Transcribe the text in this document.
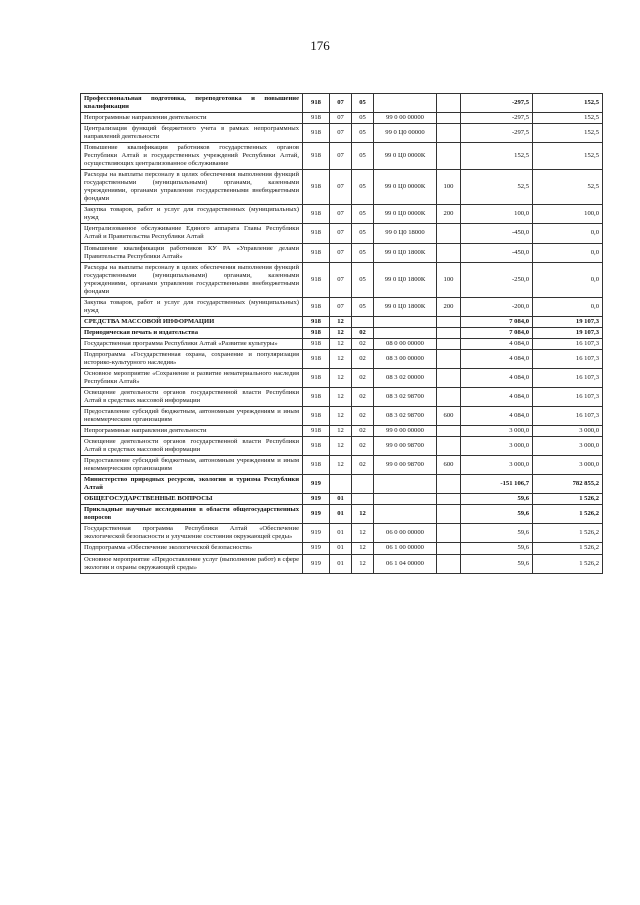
176
Профессиональная подготовка, переподготовка и повышение квалификации	918	07	05			-297,5	152,5
Непрограммные направления деятельности	918	07	05	99 0 00 00000		-297,5	152,5
Централизация функций бюджетного учета в рамках непрограммных направлений деятельности	918	07	05	99 0 Ц0 00000		-297,5	152,5
Повышение квалификации работников государственных органов Республики Алтай и государственных учреждений Республики Алтай, осуществляющих централизованное обслуживание	918	07	05	99 0 Ц0 0000К		152,5	152,5
Расходы на выплаты персоналу в целях обеспечения выполнения функций государственными (муниципальными) органами, казенными учреждениями, органами управления государственными внебюджетными фондами	918	07	05	99 0 Ц0 0000К	100	52,5	52,5
Закупка товаров, работ и услуг для государственных (муниципальных) нужд	918	07	05	99 0 Ц0 0000К	200	100,0	100,0
Централизованное обслуживание Единого аппарата Главы Республики Алтай и Правительства Республики Алтай	918	07	05	99 0 Ц0 18000		-450,0	0,0
Повышение квалификации работников КУ РА «Управление делами Правительства Республики Алтай»	918	07	05	99 0 Ц0 1800К		-450,0	0,0
Расходы на выплаты персоналу в целях обеспечения выполнения функций государственными (муниципальными) органами, казенными учреждениями, органами управления государственными внебюджетными фондами	918	07	05	99 0 Ц0 1800К	100	-250,0	0,0
Закупка товаров, работ и услуг для государственных (муниципальных) нужд	918	07	05	99 0 Ц0 1800К	200	-200,0	0,0
СРЕДСТВА МАССОВОЙ ИНФОРМАЦИИ	918	12				7 084,0	19 107,3
Периодическая печать и издательства	918	12	02			7 084,0	19 107,3
Государственная программа Республики Алтай «Развитие культуры»	918	12	02	08 0 00 00000		4 084,0	16 107,3
Подпрограмма «Государственная охрана, сохранение и популяризация историко-культурного наследия»	918	12	02	08 3 00 00000		4 084,0	16 107,3
Основное мероприятие «Сохранение и развитие нематериального наследия Республики Алтай»	918	12	02	08 3 02 00000		4 084,0	16 107,3
Освещение деятельности органов государственной власти Республики Алтай в средствах массовой информации	918	12	02	08 3 02 98700		4 084,0	16 107,3
Предоставление субсидий бюджетным, автономным учреждениям и иным некоммерческим организациям	918	12	02	08 3 02 98700	600	4 084,0	16 107,3
Непрограммные направления деятельности	918	12	02	99 0 00 00000		3 000,0	3 000,0
Освещение деятельности органов государственной власти Республики Алтай в средствах массовой информации	918	12	02	99 0 00 98700		3 000,0	3 000,0
Предоставление субсидий бюджетным, автономным учреждениям и иным некоммерческим организациям	918	12	02	99 0 00 98700	600	3 000,0	3 000,0
Министерство природных ресурсов, экологии и туризма Республики Алтай	919					-151 106,7	782 855,2
ОБЩЕГОСУДАРСТВЕННЫЕ ВОПРОСЫ	919	01				59,6	1 526,2
Прикладные научные исследования в области общегосударственных вопросов	919	01	12			59,6	1 526,2
Государственная программа Республики Алтай «Обеспечение экологической безопасности и улучшение состояния окружающей среды»	919	01	12	06 0 00 00000		59,6	1 526,2
Подпрограмма «Обеспечение экологической безопасности»	919	01	12	06 1 00 00000		59,6	1 526,2
Основное мероприятие «Предоставление услуг (выполнение работ) в сфере экологии и охраны окружающей среды»	919	01	12	06 1 04 00000		59,6	1 526,2
